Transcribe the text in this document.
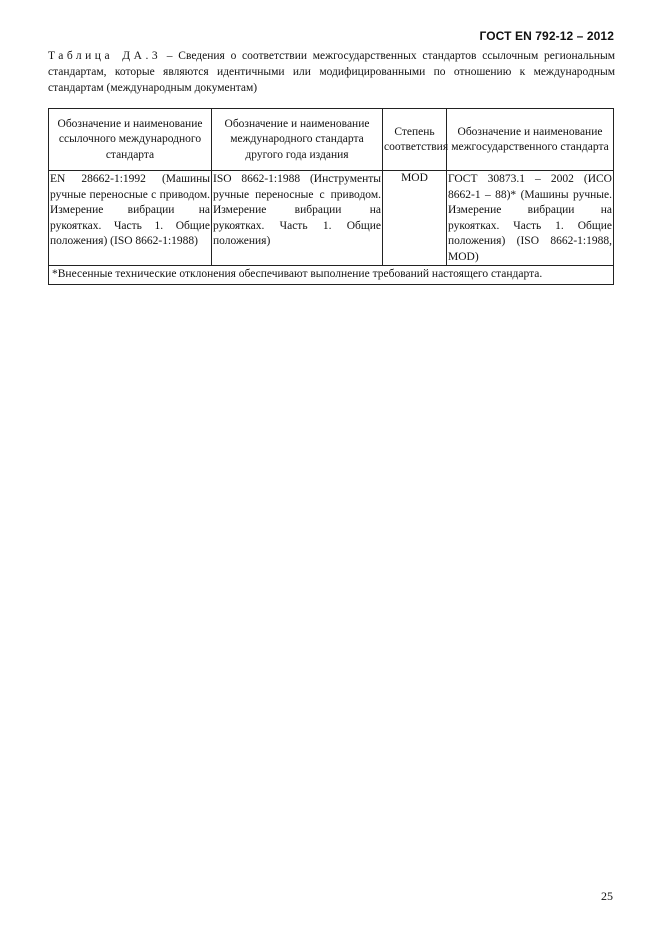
ГОСТ EN 792-12 – 2012
Таблица ДА.3 – Сведения о соответствии межгосударственных стандартов ссылочным региональным стандартам, которые являются идентичными или модифицированными по отношению к международным стандартам (международным документам)
Обозначение и наименование ссылочного международного стандарта	Обозначение и наименование международного стандарта другого года издания	Степень соответствия	Обозначение и наименование межгосударственного стандарта
EN 28662-1:1992 (Машины ручные переносные с приводом. Измерение вибрации на рукоятках. Часть 1. Общие положения) (ISO 8662-1:1988)	ISO 8662-1:1988 (Инструменты ручные переносные с приводом. Измерение вибрации на рукоятках. Часть 1. Общие положения)	MOD	ГОСТ 30873.1 – 2002 (ИСО 8662-1 – 88)* (Машины ручные. Измерение вибрации на рукоятках. Часть 1. Общие положения) (ISO 8662-1:1988, MOD)
*Внесенные технические отклонения обеспечивают выполнение требований настоящего стандарта.			
25
